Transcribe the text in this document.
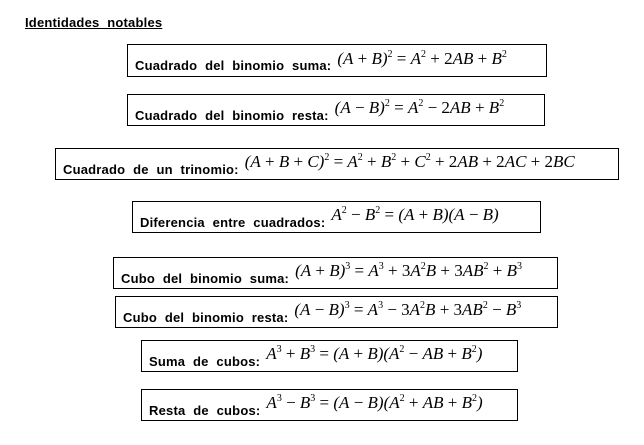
Identidades notables
Cuadrado del binomio suma: $(A + B)^2 = A^2 + 2AB + B^2$
Cuadrado del binomio resta: $(A - B)^2 = A^2 - 2AB + B^2$
Cuadrado de un trinomio: $(A + B + C)^2 = A^2 + B^2 + C^2 + 2AB + 2AC + 2BC$
Diferencia entre cuadrados: $A^2 - B^2 = (A + B)(A - B)$
Cubo del binomio suma: $(A + B)^3 = A^3 + 3A^2B + 3AB^2 + B^3$
Cubo del binomio resta: $(A - B)^3 = A^3 - 3A^2B + 3AB^2 - B^3$
Suma de cubos: $A^3 + B^3 = (A + B)(A^2$ − AB + $B^2$)
Resta de cubos: $A^3 - B^3 = (A - B)(A^2$ + AB + $B^2$)
